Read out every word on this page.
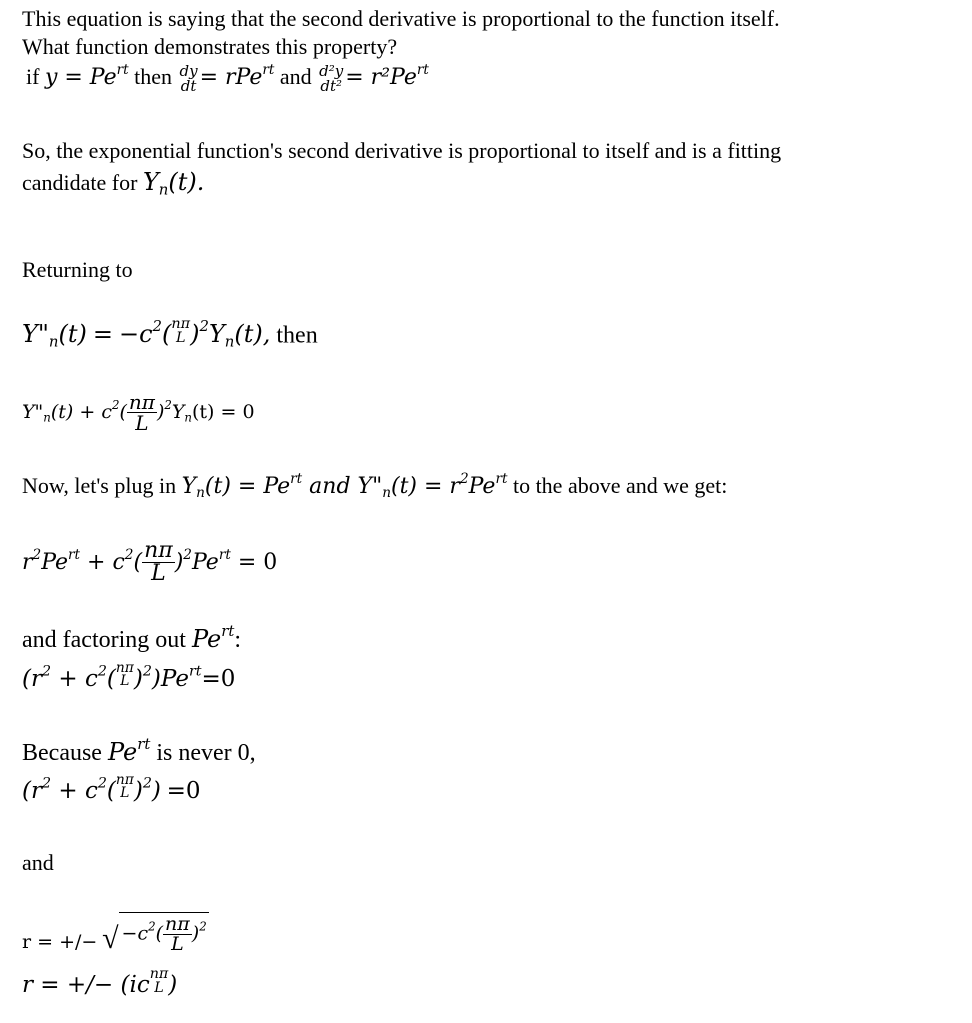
This equation is saying that the second derivative is proportional to the function itself.
What function demonstrates this property?
if $y = Pe^{rt}$ then dy
dt = rPe$^{rt}$ and d²y
$dt^2 = r^2Pe^{rt}$
So, the exponential function's second derivative is proportional to itself and is a fitting
candidate for $Y_n(t)$.
Returning to
$Y"_n(t) = -c^2$( nπ
L )$^2Y_n(t)$, then
$Y"_n(t) + c^2( \frac{n\pi}{L} )^2Y_n(t) = 0$
Now, let's plug in $Y_n(t) = Pe^{rt}$ and $Y"_n(t) = r^2Pe^{rt}$ to the above and we get:
$r^2Pe^{rt} + c^2( \frac{n\pi}{L} )^2Pe^{rt} = 0$
and factoring out $Pe^{rt}$:
($r^2 + c^2$( nπ
L )$^2)Pe^{rt}=0$
Because $Pe^{rt}$ is never 0,
($r^2 + c^2$( nπ
L )$^2$) =0
and
r = +/− √ $-c^2( \frac{n\pi}{L} )^2$
r = +/− (ic nπ
L )
